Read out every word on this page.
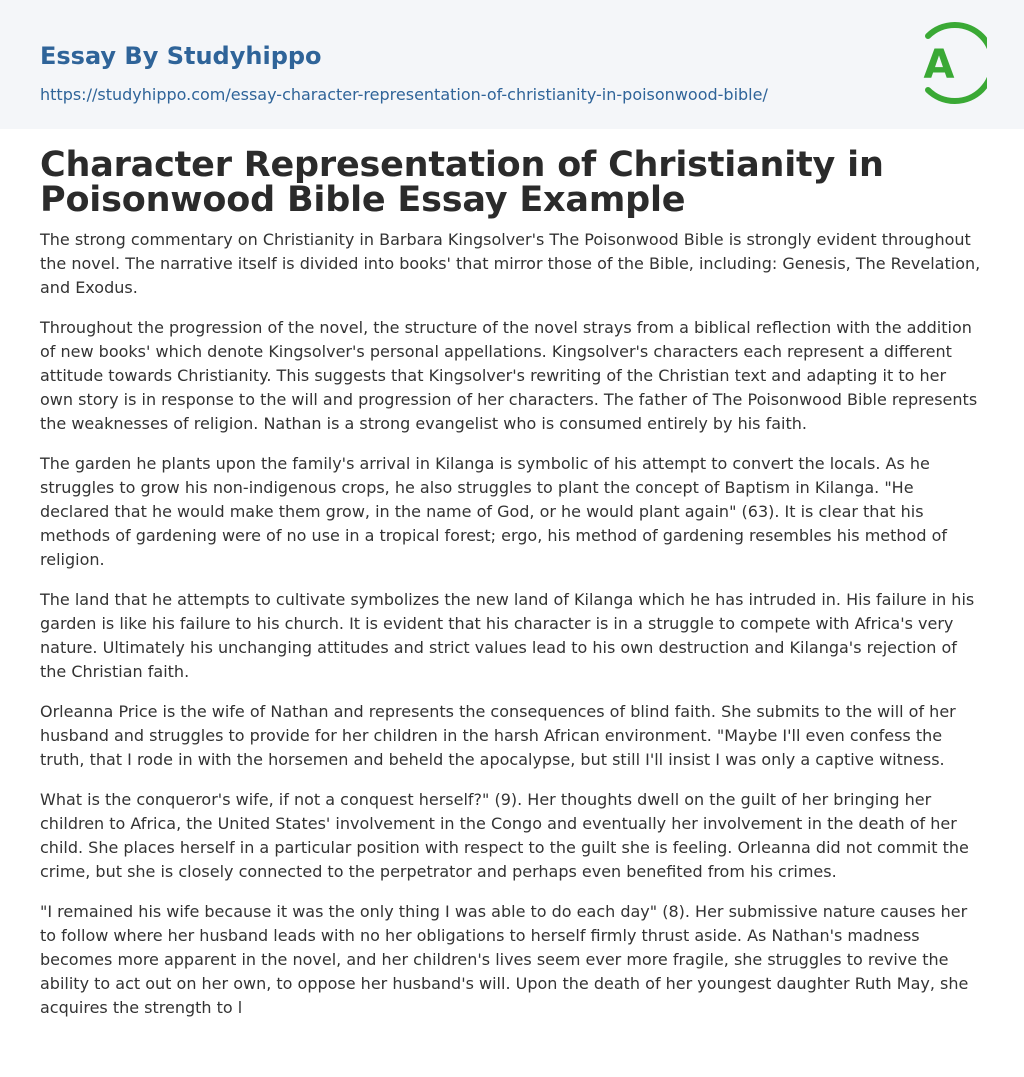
Essay By Studyhippo
https://studyhippo.com/essay-character-representation-of-christianity-in-poisonwood-bible/
A
Character Representation of Christianity in Poisonwood Bible Essay Example

The strong commentary on Christianity in Barbara Kingsolver's The Poisonwood Bible is strongly evident throughout the novel. The narrative itself is divided into books' that mirror those of the Bible, including: Genesis, The Revelation, and Exodus.

Throughout the progression of the novel, the structure of the novel strays from a biblical reflection with the addition of new books' which denote Kingsolver's personal appellations. Kingsolver's characters each represent a different attitude towards Christianity. This suggests that Kingsolver's rewriting of the Christian text and adapting it to her own story is in response to the will and progression of her characters. The father of The Poisonwood Bible represents the weaknesses of religion. Nathan is a strong evangelist who is consumed entirely by his faith.

The garden he plants upon the family's arrival in Kilanga is symbolic of his attempt to convert the locals. As he struggles to grow his non-indigenous crops, he also struggles to plant the concept of Baptism in Kilanga. "He declared that he would make them grow, in the name of God, or he would plant again" (63). It is clear that his methods of gardening were of no use in a tropical forest; ergo, his method of gardening resembles his method of religion.

The land that he attempts to cultivate symbolizes the new land of Kilanga which he has intruded in. His failure in his garden is like his failure to his church. It is evident that his character is in a struggle to compete with Africa's very nature. Ultimately his unchanging attitudes and strict values lead to his own destruction and Kilanga's rejection of the Christian faith.

Orleanna Price is the wife of Nathan and represents the consequences of blind faith. She submits to the will of her husband and struggles to provide for her children in the harsh African environment. "Maybe I'll even confess the truth, that I rode in with the horsemen and beheld the apocalypse, but still I'll insist I was only a captive witness.

What is the conqueror's wife, if not a conquest herself?" (9). Her thoughts dwell on the guilt of her bringing her children to Africa, the United States' involvement in the Congo and eventually her involvement in the death of her child. She places herself in a particular position with respect to the guilt she is feeling. Orleanna did not commit the crime, but she is closely connected to the perpetrator and perhaps even benefited from his crimes.

"I remained his wife because it was the only thing I was able to do each day" (8). Her submissive nature causes her to follow where her husband leads with no her obligations to herself firmly thrust aside. As Nathan's madness becomes more apparent in the novel, and her children's lives seem ever more fragile, she struggles to revive the ability to act out on her own, to oppose her husband's will. Upon the death of her youngest daughter Ruth May, she acquires the strength to l
